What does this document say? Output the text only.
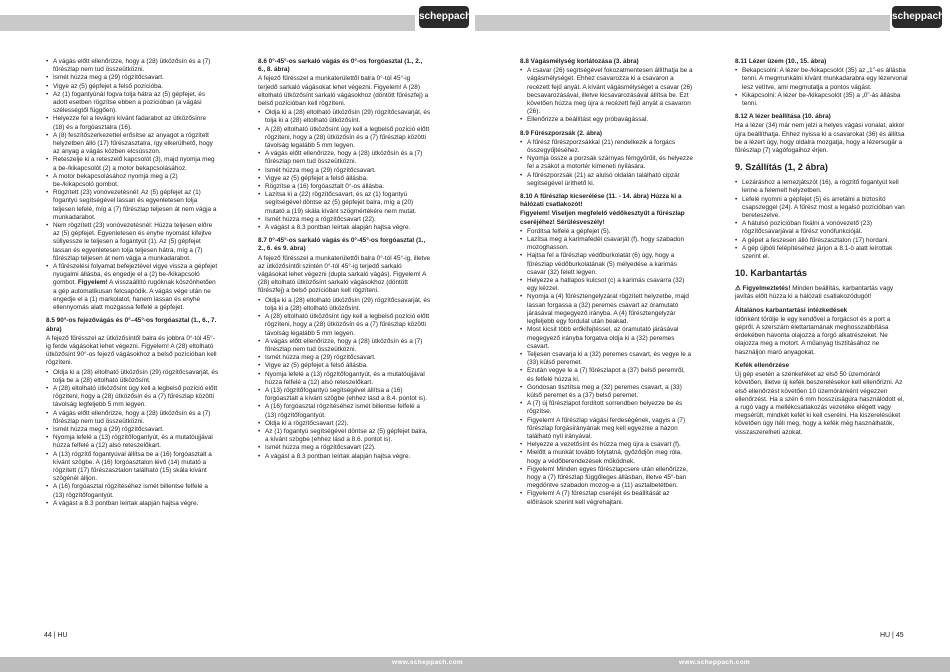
scheppach
• A vágás előtt ellenőrizze, hogy a (28) ütközősín és a (7) fűrészlap nem tud összeütközni.
• Ismét húzza meg a (29) rögzítőcsavart.
• Vigye az (5) gépfejet a felső pozícióba.
• Az (1) fogantyúnál fogva tolja hátra az (5) gépfejet, és adott esetben rögzítse ebben a pozícióban (a vágási szélességtől függően).
• Helyezze fel a levágni kívánt fadarabot az ütközősínre (18) és a forgóasztalra (16).
• A (8) feszítőszerkezettel erősítse az anyagot a rögzített helyzetben álló (17) fűrészasztalra, így elkerülhető, hogy az anyag a vágás közben elcsússzon.
• Reteszelje ki a reteszelő kapcsolót (3), majd nyomja meg a be-/kikapcsolót (2) a motor bekapcsolásához.
• A motor bekapcsolásához nyomja meg a (2) be-/kikapcsoló gombot.
• Rögzített (23) vonóvezetésnél: Az (5) gépfejet az (1) fogantyú segítségével lassan és egyenletesen tolja teljesen lefelé, míg a (7) fűrészlap teljesen át nem vágja a munkadarabot.
• Nem rögzített (23) vonóvezetésnél: Húzza teljesen előre az (5) gépfejet. Egyenletesen és enyhe nyomást kifejtve süllyessze le teljesen a fogantyút (1). Az (5) gépfejet lassan és egyenletesen tolja teljesen hátra, míg a (7) fűrészlap teljesen át nem vágja a munkadarabot.
• A fűrészelési folyamat befejeztével vigye vissza a gépfejet nyugalmi állásba, és engedje el a (2) be-/kikapcsoló gombot. Figyelem! A visszaállító rugóknak köszönhetően a gép automatikusan felcsapódik. A vágás vége után ne engedje el a (1) markolatot, hanem lassan és enyhe ellennyomás alatt mozgassa felfelé a gépfejet.
8.5 90°-os fejezővágás és 0°–45°-os forgóasztal (1., 6., 7. ábra)

A fejező fűrésszel az ütközősíntől balra és jobbra 0°-tól 45°-ig ferde vágásokat lehet végezni. Figyelem! A (28) eltolható ütközősínt 90°-os fejező vágásokhoz a belső pozícióban kell rögzíteni.

• Oldja ki a (28) eltolható ütközősín (29) rögzítőcsavarját, és tolja be a (28) eltolható ütközősínt.
• A (28) eltolható ütközősínt úgy kell a legbelső pozíció előtt rögzíteni, hogy a (28) ütközősín és a (7) fűrészlap közötti távolság legfeljebb 5 mm legyen.
• A vágás előtt ellenőrizze, hogy a (28) ütközősín és a (7) fűrészlap nem tud összeütközni.
• Ismét húzza meg a (29) rögzítőcsavart.
• Nyomja lefelé a (13) rögzítőfogantyút, és a mutatóujjával húzza felfelé a (12) alsó reteszelőkart.
• A (13) rögzítő fogantyúval állítsa be a (16) forgóasztalt a kívánt szögbe. A (16) forgóasztalon lévő (14) mutató a rögzített (17) fűrészasztalon található (15) skála kívánt szögénél álljon.
• A (16) forgóasztal rögzítéséhez ismét billentse felfelé a (13) rögzítőfogantyút.
• A vágást a 8.3 pontban leírtak alapján hajtsa végre.
8.6 0°-45°-os sarkaló vágás és 0°-os forgóasztal (1., 2., 6., 8. ábra)

A fejező fűrésszel a munkaterülettől balra 0°-tól 45°-ig terjedő sarkaló vágásokat lehet végezni. Figyelem! A (28) eltolható ütközősínt sarkaló vágásokhoz (döntött fűrészfej) a belső pozícióban kell rögzíteni.

• Oldja ki a (28) eltolható ütközősín (29) rögzítőcsavarját, és tolja ki a (28) eltolható ütközősínt.
• A (28) eltolható ütközősínt úgy kell a legbelső pozíció előtt rögzíteni, hogy a (28) ütközősín és a (7) fűrészlap közötti távolság legalább 5 mm legyen.
• A vágás előtt ellenőrizze, hogy a (28) ütközősín és a (7) fűrészlap nem tud összeütközni.
• Ismét húzza meg a (29) rögzítőcsavart.
• Vigye az (5) gépfejet a felső állásba.
• Rögzítse a (16) forgóasztalt 0°-os állásba.
• Lazítsa ki a (22) rögzítőcsavart, és az (1) fogantyú segítségével döntse az (5) gépfejet balra, míg a (20) mutató a (19) skála kívánt szögmértékére nem mutat.
• Ismét húzza meg a rögzítőcsavart (22).
• A vágást a 8.3 pontban leírtak alapján hajtsa végre.
8.7 0°-45°-os sarkaló vágás és 0°-45°-os forgóasztal (1., 2., 6. és 9. ábra)

A fejező fűrésszel a munkaterülettől balra 0°-tól 45°-ig, illetve az ütközősíntől szintén 0°-tól 45°-ig terjedő sarkaló vágásokat lehet végezni (dupla sarkaló vágás). Figyelem! A (28) eltolható ütközősínt sarkaló vágásokhoz (döntött fűrészfej) a belső pozícióban kell rögzíteni.

• Oldja ki a (28) eltolható ütközősín (29) rögzítőcsavarját, és tolja ki a (28) eltolható ütközősínt.
• A (28) eltolható ütközősínt úgy kell a legbelső pozíció előtt rögzíteni, hogy a (28) ütközősín és a (7) fűrészlap közötti távolság legalább 5 mm legyen.
• A vágás előtt ellenőrizze, hogy a (28) ütközősín és a (7) fűrészlap nem tud összeütközni.
• Ismét húzza meg a (29) rögzítőcsavart.
• Vigye az (5) gépfejet a felső állásba.
• Nyomja lefelé a (13) rögzítőfogantyút, és a mutatóujjával húzza felfelé a (12) alsó reteszelőkart.
• A (13) rögzítőfogantyú segítségével állítsa a (16) forgóasztalt a kívánt szögbe (ehhez lásd a 8.4. pontot is).
• A (16) forgóasztal rögzítéséhez ismét billentse felfelé a (13) rögzítőfogantyút.
• Oldja ki a rögzítőcsavart (22).
• Az (1) fogantyú segítségével döntse az (5) gépfejet balra, a kívánt szögbe (ehhez lásd a 8.6. pontot is).
• Ismét húzza meg a rögzítőcsavart (22).
• A vágást a 8.3 pontban leírtak alapján hajtsa végre.
44 | HU
www.scheppach.com
scheppach
8.8 Vágásmélység korlátozása (3. ábra)
• A csavar (26) segítségével fokozatmentesen állíthatja be a vágásmélységet. Ehhez csavarozza ki a csavaron a recézett fejű anyát. A kívánt vágásmélységet a csavar (26) becsavarozásával, illetve kicsavarozásával állítsa be. Ezt követően húzza meg újra a recézett fejű anyát a csavaron (26).
• Ellenőrizze a beállítást egy próbavágással.
8.9 Fűrészporzsák (2. ábra)
• A fűrész fűrészporzsákkal (21) rendelkezik a forgács összegyűjtéséhez.
• Nyomja össze a porzsák szárnyas fémgyűrűit, és helyezze fel a zsákot a motortér kimeneti nyílására.
• A fűrészporzsák (21) az alulsó oldalán található cipzár segítségével üríthető ki.
8.10 A fűrészlap kicserélése (11. - 14. ábra) Húzza ki a hálózati csatlakozót!

Figyelem! Viseljen megfelelő védőkesztyűt a fűrészlap cseréjéhez! Sérülésveszély!

• Fordítsa felfelé a gépfejet (5).
• Lazítsa meg a karimafedél csavarját (f), hogy szabadon mozoghasson.
• Hajtsa fel a fűrészlap védőburkolatát (6) úgy, hogy a fűrészlap védőburkolatának (5) mélyedése a karimás csavar (32) felett legyen.
• Helyezze a hatlapos kulcsot (c) a karimás csavarra (32) egy kézzel.
• Nyomja a (4) fűrésztengelyzárat rögzített helyzetbe, majd lassan forgassa a (32) peremes csavart az óramutató járásával megegyező irányba. A (4) fűrésztengelyzár legfeljebb egy fordulat után beakad.
• Most kicsit több erőkifejtéssel, az óramutató járásával megegyező irányba forgatva oldja ki a (32) peremes csavart.
• Teljesen csavarja ki a (32) peremes csavart, és vegye le a (33) külső peremet.
• Ezután vegye le a (7) fűrészlapot a (37) belső peremről, és felfelé húzza ki.
• Gondosan tisztítsa meg a (32) peremes csavart, a (33) külső peremet és a (37) belső peremet.
• A (7) új fűrészlapot fordított sorrendben helyezze be és rögzítse.
• Figyelem! A fűrészlap vágási ferdeségének, vagyis a (7) fűrészlap forgásirányának meg kell egyeznie a házon található nyíl irányával.
• Helyezze a vezetősínt és húzza meg újra a csavart (f).
• Mielőtt a munkát tovább folytatná, győződjön meg róla, hogy a védőberendezések működnek.
• Figyelem! Minden egyes fűrészlapcsere után ellenőrizze, hogy a (7) fűrészlap függőleges állásban, illetve 45°-ban megdöntve szabadon mozog-e a (11) asztalbetétben.
• Figyelem! A (7) fűrészlap cseréjét és beállítását az előírások szerint kell végrehajtani.
8.11 Lézer üzem (10., 15. ábra)
• Bekapcsolni: A lézer be-/kikapcsolót (35) az „1”-es állásba tenni. A megmunkálni kívánt munkadarabra egy lézervonal lesz vetítve, ami megmutatja a pontos vágást.
• Kikapcsolni: A lézer be-/kikapcsolót (35) a „0”-ás állásba tenni.
8.12 A lézer beállítása (10. ábra)

Ha a lézer (34) már nem jelzi a helyes vágási vonalat, akkor újra beállíthatja. Ehhez nyissa ki a csavarokat (36) és állítsa be a lézert úgy, hogy oldalra mozgatja, hogy a lézersugár a fűrészlap (7) vágófogaihoz érjen.

9. Szállítás (1, 2 ábra)
• Lezáráshoz a lemezjátszót (16), a rögzítő fogantyút kell lenne a felemelt helyzetben.
• Lefelé nyomni a gépfejet (5) és arretálni a biztosító csapszeggel (24). A fűrész most a legalsó pozícióban van bereteszelve.
• A hátulsó pozícióban fixálni a vonóvezető (23) rögzítőcsavarjával a fűrész vonófunkcióját.
• A gépet a feszesen álló fűrészasztalon (17) hordani.
• A gép újbóli felépítéséhez járjon a 8.1-ö alatt leírottak szerint el.
10. Karbantartás

⚠ Figyelmeztetés! Minden beállítás, karbantartás vagy javítás előtt húzza ki a hálózati csatlakozódugót!

Általános karbantartási intézkedések

Időnként törölje le egy kendővel a forgácsot és a port a gépről. A szerszám élettartamának meghosszabbítása érdekében havonta olajozza a forgó alkatrészeket. Ne olajozza meg a motort. A műanyag tisztításához ne használjon maró anyagokat.

Kefék ellenőrzése

Új gép esetén a szénkeféket az első 50 üzemóráról követően, illetve új kefék beszerelésekor kell ellenőrizni. Az első ellenőrzést követően 10 üzemóránként végezzen ellenőrzést. Ha a szén 6 mm hosszúságúra használódott el, a rugó vagy a mellékcsatlakozás vezetéke elégett vagy megsérült, mindkét kefét ki kell cserélni. Ha kiszerelésüket követően úgy ítéli meg, hogy a kefék még használhatók, visszaszerelheti azokat.

HU | 45
www.scheppach.com
